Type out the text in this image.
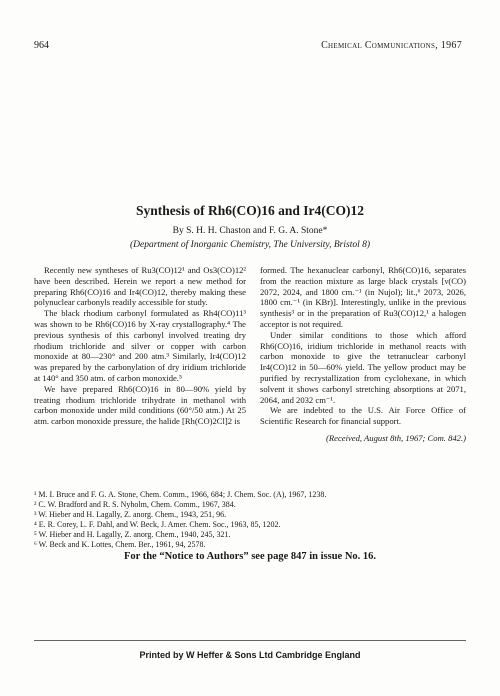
964	Chemical Communications, 1967
Synthesis of Rh6(CO)16 and Ir4(CO)12
By S. H. H. Chaston and F. G. A. Stone*
(Department of Inorganic Chemistry, The University, Bristol 8)

Recently new syntheses of Ru3(CO)12¹ and Os3(CO)12² have been described. Herein we report a new method for preparing Rh6(CO)16 and Ir4(CO)12, thereby making these polynuclear carbonyls readily accessible for study.

The black rhodium carbonyl formulated as Rh4(CO)11³ was shown to be Rh6(CO)16 by X-ray crystallography.⁴ The previous synthesis of this carbonyl involved treating dry rhodium trichloride and silver or copper with carbon monoxide at 80—230° and 200 atm.³ Similarly, Ir4(CO)12 was prepared by the carbonylation of dry iridium trichloride at 140° and 350 atm. of carbon monoxide.⁵

We have prepared Rh6(CO)16 in 80—90% yield by treating rhodium trichloride trihydrate in methanol with carbon monoxide under mild conditions (60°/50 atm.) At 25 atm. carbon monoxide pressure, the halide [Rh(CO)2Cl]2 is

formed. The hexanuclear carbonyl, Rh6(CO)16, separates from the reaction mixture as large black crystals [ν(CO) 2072, 2024, and 1800 cm.⁻¹ (in Nujol); lit.,⁶ 2073, 2026, 1800 cm.⁻¹ (in KBr)]. Interestingly, unlike in the previous synthesis³ or in the preparation of Ru3(CO)12,¹ a halogen acceptor is not required.

Under similar conditions to those which afford Rh6(CO)16, iridium trichloride in methanol reacts with carbon monoxide to give the tetranuclear carbonyl Ir4(CO)12 in 50—60% yield. The yellow product may be purified by recrystallization from cyclohexane, in which solvent it shows carbonyl stretching absorptions at 2071, 2064, and 2032 cm⁻¹.

We are indebted to the U.S. Air Force Office of Scientific Research for financial support.

(Received, August 8th, 1967; Com. 842.)

¹ M. I. Bruce and F. G. A. Stone, Chem. Comm., 1966, 684; J. Chem. Soc. (A), 1967, 1238.
² C. W. Bradford and R. S. Nyholm, Chem. Comm., 1967, 384.
³ W. Hieber and H. Lagally, Z. anorg. Chem., 1943, 251, 96.
⁴ E. R. Corey, L. F. Dahl, and W. Beck, J. Amer. Chem. Soc., 1963, 85, 1202.
⁵ W. Hieber and H. Lagally, Z. anorg. Chem., 1940, 245, 321.
⁶ W. Beck and K. Lottes, Chem. Ber., 1961, 94, 2578.
For the “Notice to Authors” see page 847 in issue No. 16.
Printed by W Heffer & Sons Ltd Cambridge England
